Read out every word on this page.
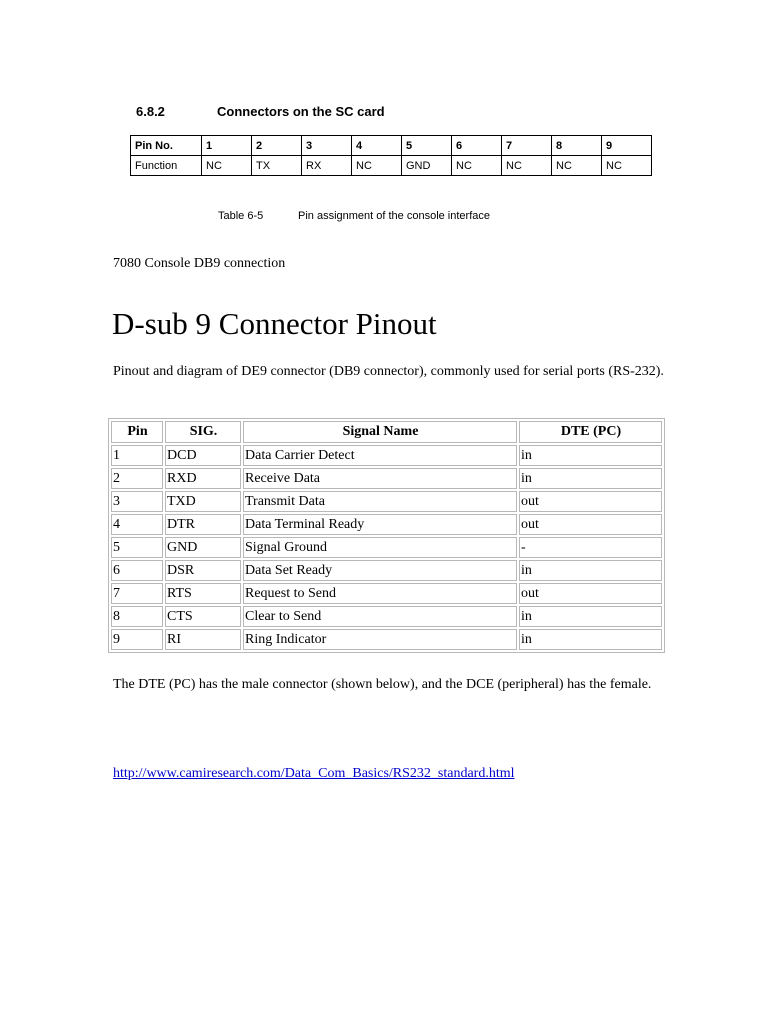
6.8.2	Connectors on the SC card
Pin No.	1	2	3	4	5	6	7	8	9
Function	NC	TX	RX	NC	GND	NC	NC	NC	NC
Table 6-5	Pin assignment of the console interface
7080 Console DB9 connection
D-sub 9 Connector Pinout
Pinout and diagram of DE9 connector (DB9 connector), commonly used for serial ports (RS-232).
Pin	SIG.	Signal Name	DTE (PC)
1	DCD	Data Carrier Detect	in
2	RXD	Receive Data	in
3	TXD	Transmit Data	out
4	DTR	Data Terminal Ready	out
5	GND	Signal Ground	-
6	DSR	Data Set Ready	in
7	RTS	Request to Send	out
8	CTS	Clear to Send	in
9	RI	Ring Indicator	in
The DTE (PC) has the male connector (shown below), and the DCE (peripheral) has the female.
http://www.camiresearch.com/Data_Com_Basics/RS232_standard.html
